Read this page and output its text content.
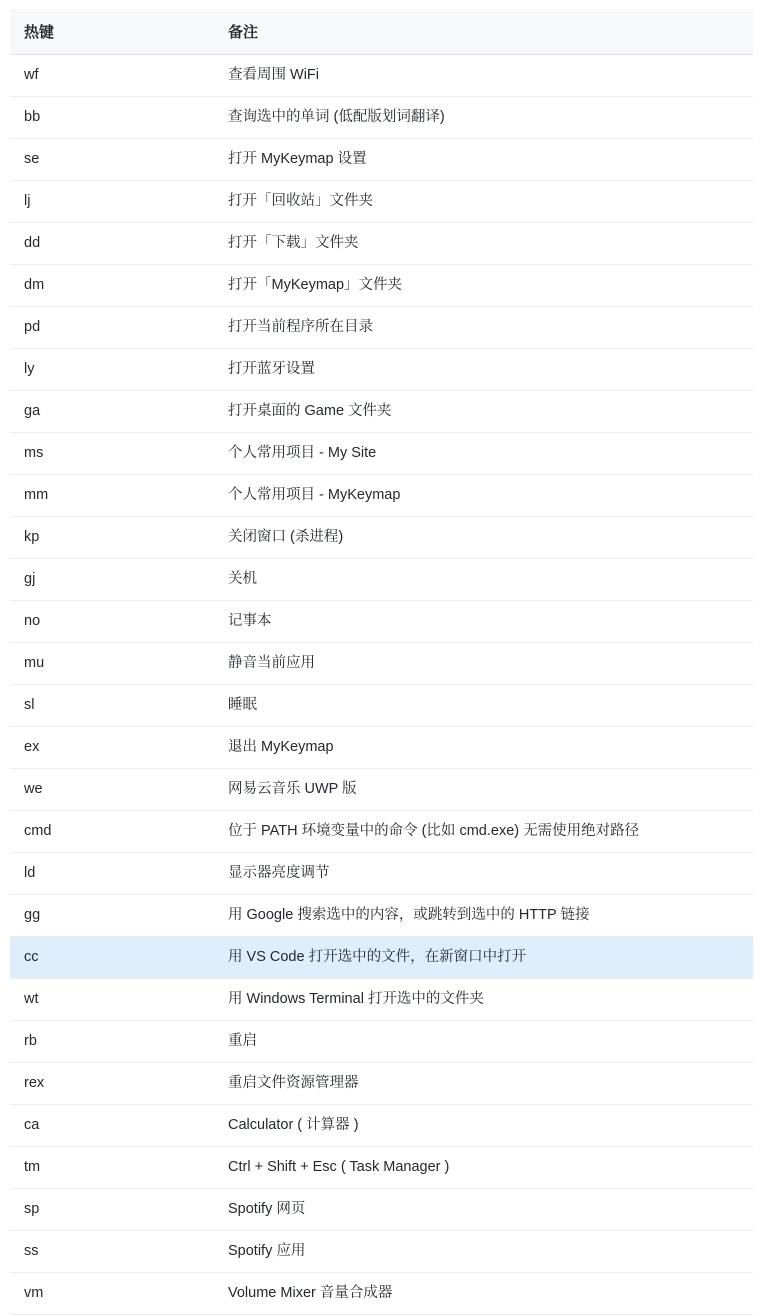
热键	备注
wf	查看周围 WiFi
bb	查询选中的单词 (低配版划词翻译)
se	打开 MyKeymap 设置
lj	打开「回收站」文件夹
dd	打开「下载」文件夹
dm	打开「MyKeymap」文件夹
pd	打开当前程序所在目录
ly	打开蓝牙设置
ga	打开桌面的 Game 文件夹
ms	个人常用项目 - My Site
mm	个人常用项目 - MyKeymap
kp	关闭窗口 (杀进程)
gj	关机
no	记事本
mu	静音当前应用
sl	睡眠
ex	退出 MyKeymap
we	网易云音乐 UWP 版
cmd	位于 PATH 环境变量中的命令 (比如 cmd.exe) 无需使用绝对路径
ld	显示器亮度调节
gg	用 Google 搜索选中的内容，或跳转到选中的 HTTP 链接
cc	用 VS Code 打开选中的文件，在新窗口中打开
wt	用 Windows Terminal 打开选中的文件夹
rb	重启
rex	重启文件资源管理器
ca	Calculator ( 计算器 )
tm	Ctrl + Shift + Esc ( Task Manager )
sp	Spotify 网页
ss	Spotify 应用
vm	Volume Mixer 音量合成器
